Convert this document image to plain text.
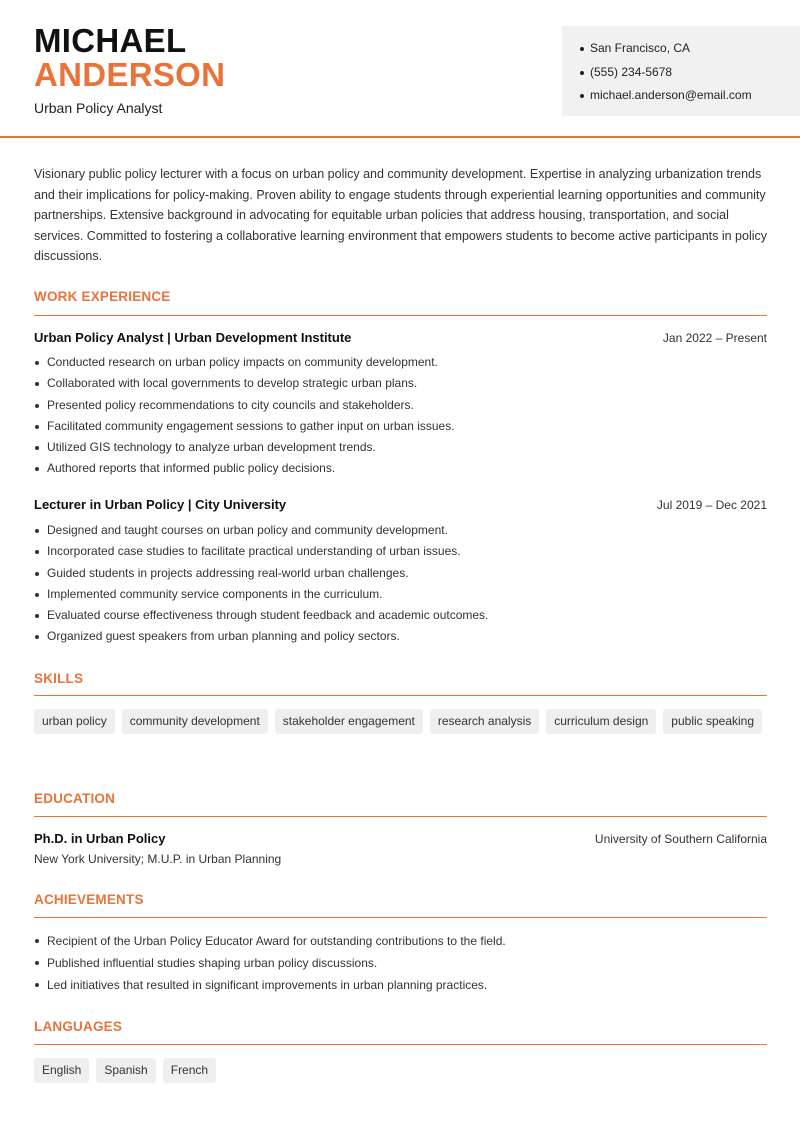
MICHAEL
ANDERSON
Urban Policy Analyst
San Francisco, CA
(555) 234-5678
michael.anderson@email.com

Visionary public policy lecturer with a focus on urban policy and community development. Expertise in analyzing urbanization trends and their implications for policy-making. Proven ability to engage students through experiential learning opportunities and community partnerships. Extensive background in advocating for equitable urban policies that address housing, transportation, and social services. Committed to fostering a collaborative learning environment that empowers students to become active participants in policy discussions.

WORK EXPERIENCE
Urban Policy Analyst | Urban Development Institute	Jan 2022 – Present
Conducted research on urban policy impacts on community development.
Collaborated with local governments to develop strategic urban plans.
Presented policy recommendations to city councils and stakeholders.
Facilitated community engagement sessions to gather input on urban issues.
Utilized GIS technology to analyze urban development trends.
Authored reports that informed public policy decisions.
Lecturer in Urban Policy | City University	Jul 2019 – Dec 2021
Designed and taught courses on urban policy and community development.
Incorporated case studies to facilitate practical understanding of urban issues.
Guided students in projects addressing real-world urban challenges.
Implemented community service components in the curriculum.
Evaluated course effectiveness through student feedback and academic outcomes.
Organized guest speakers from urban planning and policy sectors.
SKILLS
urban policy	community development	stakeholder engagement	research analysis	curriculum design	public speaking
EDUCATION
Ph.D. in Urban Policy	University of Southern California
New York University; M.U.P. in Urban Planning
ACHIEVEMENTS
Recipient of the Urban Policy Educator Award for outstanding contributions to the field.
Published influential studies shaping urban policy discussions.
Led initiatives that resulted in significant improvements in urban planning practices.
LANGUAGES
English	Spanish	French
